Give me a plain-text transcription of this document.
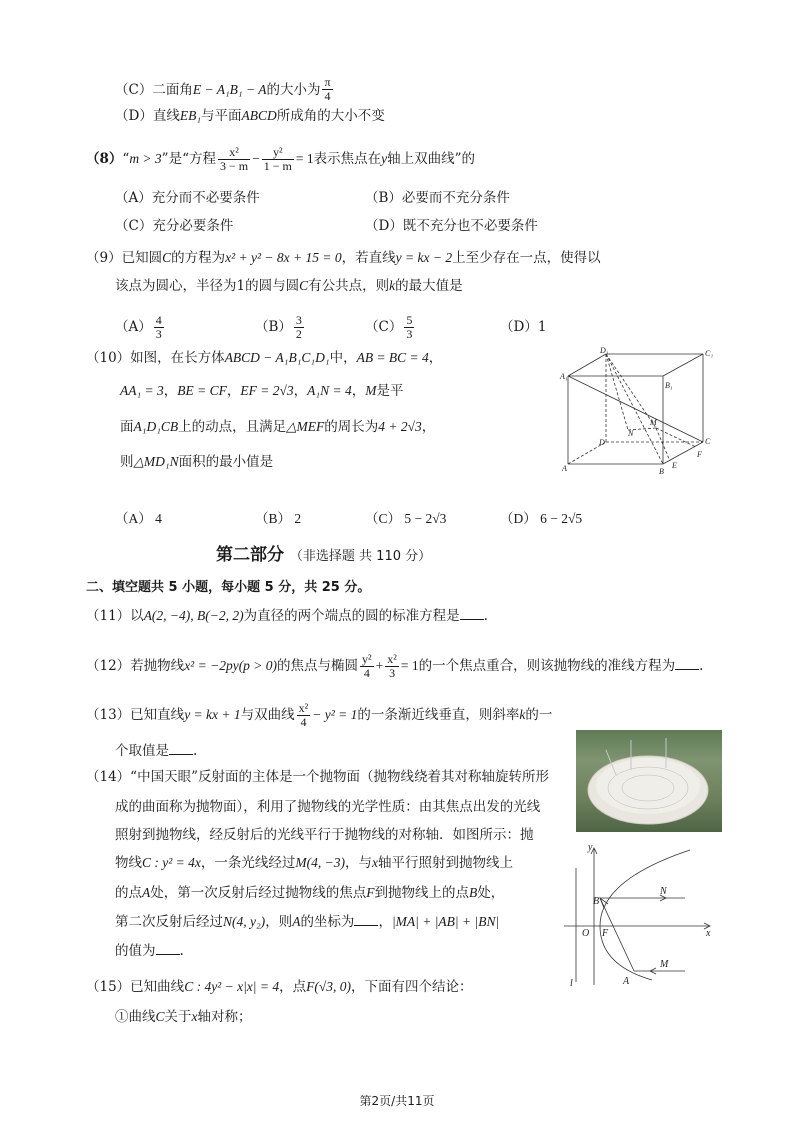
（C）二面角E − A₁B₁ − A的大小为 $\frac{\pi}{4}$
（D）直线EB₁与平面ABCD所成角的大小不变
（8）“m > 3”是“方程 $\frac{\text{x²}}{3 - m} - \frac{\text{y²}}{1 - m} = 1$表示焦点在y轴上双曲线”的
（A）充分而不必要条件	（B）必要而不充分条件
（C）充分必要条件	（D）既不充分也不必要条件
（9）已知圆C的方程为x² + y² − 8x + 15 = 0，若直线y = kx − 2上至少存在一点，使得以
该点为圆心，半径为1的圆与圆C有公共点，则k的最大值是
$(A) \frac{4}{3}$	$(B) \frac{3}{2}$	$(C) \frac{5}{3}$	（D）1
（10）如图，在长方体ABCD − A₁B₁C₁D₁中，AB = BC = 4，
AA₁ = 3，BE = CF，EF = 2√3，A₁N = 4，M是平
面A₁D₁CB上的动点，且满足△MEF的周长为4 + 2√3，
则△MD₁N面积的最小值是
D₁	C₁
A₁
B₁
D
N
M
C
A	B
E
F
（A） 4	（B） 2	（C） 5 − 2√3	（D） 6 − 2√5
第二部分 （非选择题 共 110 分）
二、填空题共 5 小题，每小题 5 分，共 25 分。
（11）以A(2, −4), B(−2, 2)为直径的两个端点的圆的标准方程是 .
（12）若抛物线x² = −2py(p > 0)的焦点与椭圆 $\frac{\text{y²}}{4} + \frac{\text{x²}}{3} = 1$的一个焦点重合，则该抛物线的准线方程为 .
（13）已知直线y = kx + 1与双曲线 $\frac{\text{x²}}{4} - y^2 = 1$的一条渐近线垂直，则斜率k的一
个取值是 .
（14）“中国天眼”反射面的主体是一个抛物面（抛物线绕着其对称轴旋转所形
成的曲面称为抛物面），利用了抛物线的光学性质：由其焦点出发的光线
照射到抛物线，经反射后的光线平行于抛物线的对称轴．如图所示：抛
物线C : y² = 4x，一条光线经过M(4, −3)，与x轴平行照射到抛物线上
的点A处，第一次反射后经过抛物线的焦点F到抛物线上的点B处，
第二次反射后经过N(4, y₂)，则A的坐标为 ，|MA| + |AB| + |BN|
的值为 .
y
B
N
O F	x
M
A
l
（15）已知曲线C : 4y² − x|x| = 4，点F(√3, 0)，下面有四个结论：
①曲线C关于x轴对称；
第2页/共11页
